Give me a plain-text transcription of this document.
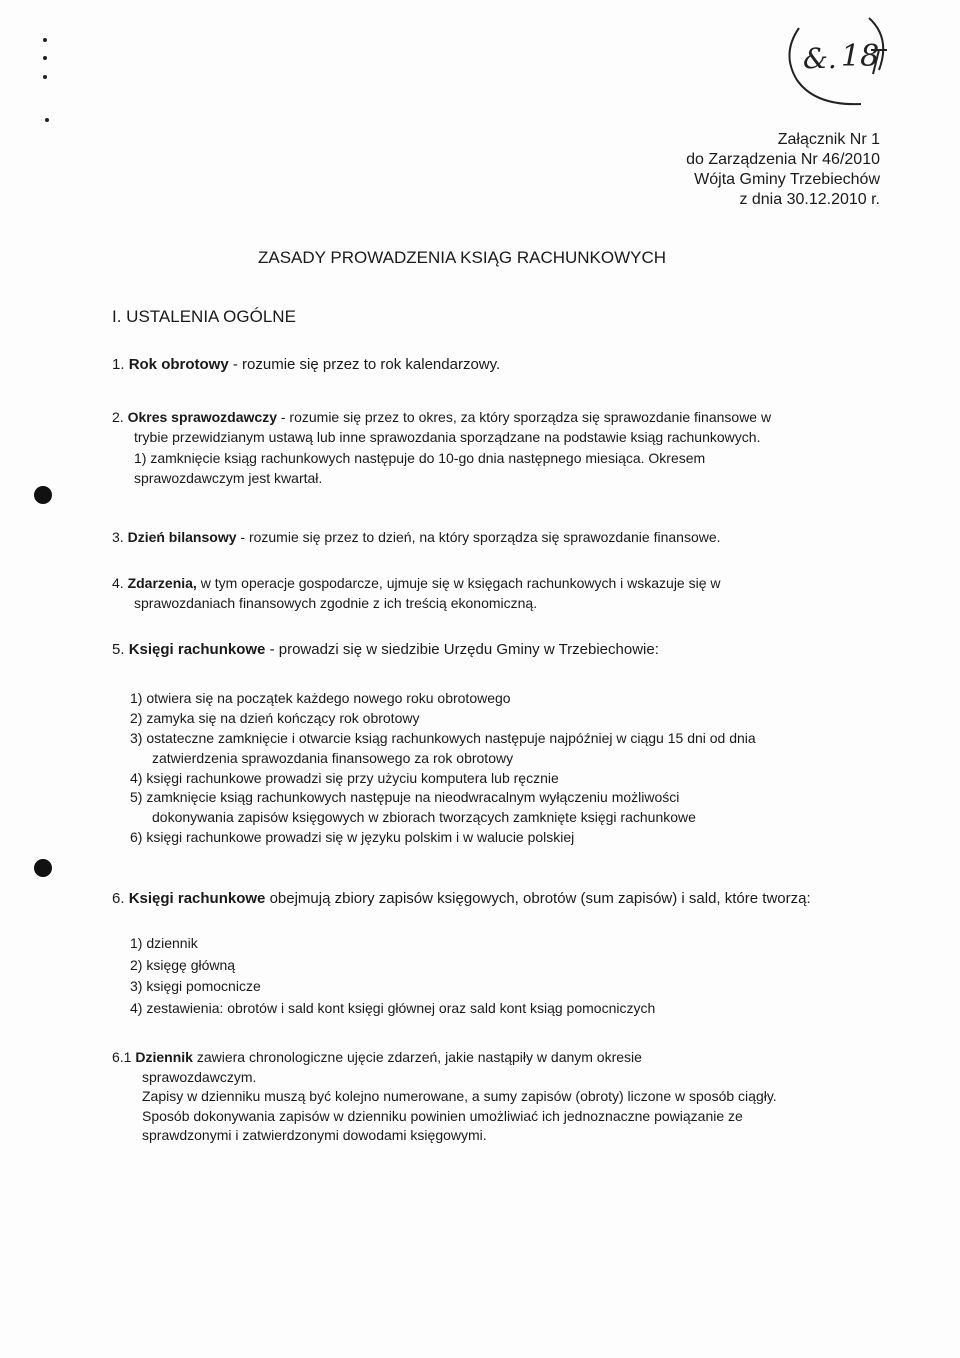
&. 18
Załącznik Nr 1
do Zarządzenia Nr 46/2010
Wójta Gminy Trzebiechów
z dnia 30.12.2010 r.
ZASADY PROWADZENIA KSIĄG RACHUNKOWYCH
I. USTALENIA OGÓLNE
1. Rok obrotowy - rozumie się przez to rok kalendarzowy.
2. Okres sprawozdawczy - rozumie się przez to okres, za który sporządza się sprawozdanie finansowe w
trybie przewidzianym ustawą lub inne sprawozdania sporządzane na podstawie ksiąg rachunkowych.
1) zamknięcie ksiąg rachunkowych następuje do 10-go dnia następnego miesiąca. Okresem
sprawozdawczym jest kwartał.
3. Dzień bilansowy - rozumie się przez to dzień, na który sporządza się sprawozdanie finansowe.
4. Zdarzenia, w tym operacje gospodarcze, ujmuje się w księgach rachunkowych i wskazuje się w
sprawozdaniach finansowych zgodnie z ich treścią ekonomiczną.
5. Księgi rachunkowe - prowadzi się w siedzibie Urzędu Gminy w Trzebiechowie:
1) otwiera się na początek każdego nowego roku obrotowego
2) zamyka się na dzień kończący rok obrotowy
3) ostateczne zamknięcie i otwarcie ksiąg rachunkowych następuje najpóźniej w ciągu 15 dni od dnia
zatwierdzenia sprawozdania finansowego za rok obrotowy
4) księgi rachunkowe prowadzi się przy użyciu komputera lub ręcznie
5) zamknięcie ksiąg rachunkowych następuje na nieodwracalnym wyłączeniu możliwości
dokonywania zapisów księgowych w zbiorach tworzących zamknięte księgi rachunkowe
6) księgi rachunkowe prowadzi się w języku polskim i w walucie polskiej
6. Księgi rachunkowe obejmują zbiory zapisów księgowych, obrotów (sum zapisów) i sald, które tworzą:
1) dziennik
2) księgę główną
3) księgi pomocnicze
4) zestawienia: obrotów i sald kont księgi głównej oraz sald kont ksiąg pomocniczych
6.1 Dziennik zawiera chronologiczne ujęcie zdarzeń, jakie nastąpiły w danym okresie
sprawozdawczym.
Zapisy w dzienniku muszą być kolejno numerowane, a sumy zapisów (obroty) liczone w sposób ciągły.
Sposób dokonywania zapisów w dzienniku powinien umożliwiać ich jednoznaczne powiązanie ze
sprawdzonymi i zatwierdzonymi dowodami księgowymi.
